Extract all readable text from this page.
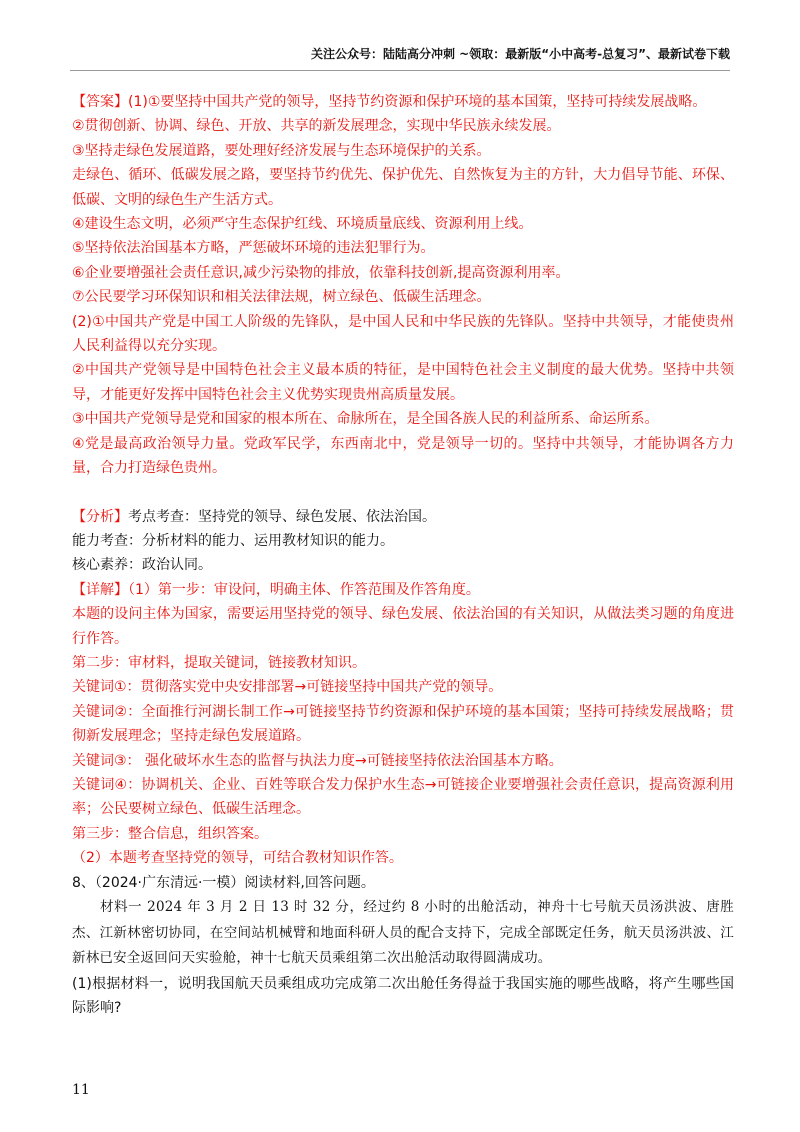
关注公众号：陆陆高分冲刺 ~领取：最新版“小中高考-总复习”、最新试卷下载

【答案】(1)①要坚持中国共产党的领导，坚持节约资源和保护环境的基本国策，坚持可持续发展战略。

②贯彻创新、协调、绿色、开放、共享的新发展理念，实现中华民族永续发展。

③坚持走绿色发展道路，要处理好经济发展与生态环境保护的关系。

走绿色、循环、低碳发展之路，要坚持节约优先、保护优先、自然恢复为主的方针，大力倡导节能、环保、低碳、文明的绿色生产生活方式。

④建设生态文明，必须严守生态保护红线、环境质量底线、资源利用上线。

⑤坚持依法治国基本方略，严惩破坏环境的违法犯罪行为。

⑥企业要增强社会责任意识,减少污染物的排放，依靠科技创新,提高资源利用率。

⑦公民要学习环保知识和相关法律法规，树立绿色、低碳生活理念。

(2)①中国共产党是中国工人阶级的先锋队，是中国人民和中华民族的先锋队。坚持中共领导，才能使贵州人民利益得以充分实现。

②中国共产党领导是中国特色社会主义最本质的特征，是中国特色社会主义制度的最大优势。坚持中共领导，才能更好发挥中国特色社会主义优势实现贵州高质量发展。

③中国共产党领导是党和国家的根本所在、命脉所在，是全国各族人民的利益所系、命运所系。

④党是最高政治领导力量。党政军民学，东西南北中，党是领导一切的。坚持中共领导，才能协调各方力量，合力打造绿色贵州。

【分析】考点考查：坚持党的领导、绿色发展、依法治国。

能力考查：分析材料的能力、运用教材知识的能力。

核心素养：政治认同。

【详解】（1）第一步：审设问，明确主体、作答范围及作答角度。

本题的设问主体为国家，需要运用坚持党的领导、绿色发展、依法治国的有关知识，从做法类习题的角度进行作答。

第二步：审材料，提取关键词，链接教材知识。

关键词①：贯彻落实党中央安排部署→可链接坚持中国共产党的领导。

关键词②：全面推行河湖长制工作→可链接坚持节约资源和保护环境的基本国策；坚持可持续发展战略；贯彻新发展理念；坚持走绿色发展道路。

关键词③： 强化破坏水生态的监督与执法力度→可链接坚持依法治国基本方略。

关键词④：协调机关、企业、百姓等联合发力保护水生态→可链接企业要增强社会责任意识，提高资源利用率；公民要树立绿色、低碳生活理念。

第三步：整合信息，组织答案。

（2）本题考查坚持党的领导，可结合教材知识作答。

8、（2024·广东清远·一模）阅读材料,回答问题。

材料一 2024 年 3 月 2 日 13 时 32 分，经过约 8 小时的出舱活动，神舟十七号航天员汤洪波、唐胜杰、江新林密切协同，在空间站机械臂和地面科研人员的配合支持下，完成全部既定任务，航天员汤洪波、江新林已安全返回问天实验舱，神十七航天员乘组第二次出舱活动取得圆满成功。

(1)根据材料一，说明我国航天员乘组成功完成第二次出舱任务得益于我国实施的哪些战略，将产生哪些国际影响?

11
